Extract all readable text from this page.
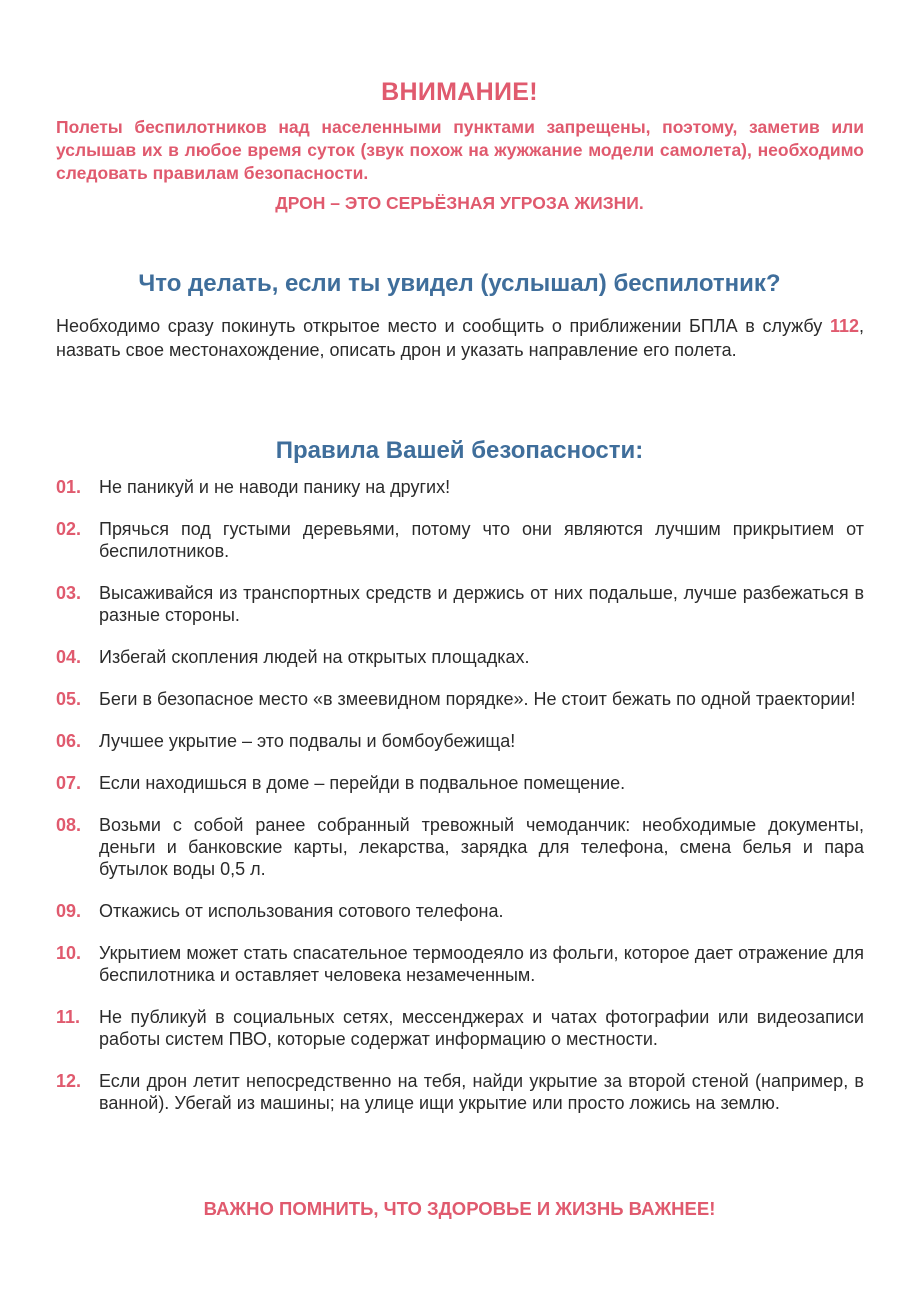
ВНИМАНИЕ!
Полеты беспилотников над населенными пунктами запрещены, поэтому, заметив или услышав их в любое время суток (звук похож на жужжание модели самолета), необходимо следовать правилам безопасности.
ДРОН – ЭТО СЕРЬЁЗНАЯ УГРОЗА ЖИЗНИ.
Что делать, если ты увидел (услышал) беспилотник?
Необходимо сразу покинуть открытое место и сообщить о приближении БПЛА в службу 112, назвать свое местонахождение, описать дрон и указать направление его полета.
Правила Вашей безопасности:
01. Не паникуй и не наводи панику на других!
02. Прячься под густыми деревьями, потому что они являются лучшим прикрытием от беспилотников.
03. Высаживайся из транспортных средств и держись от них подальше, лучше разбежаться в разные стороны.
04. Избегай скопления людей на открытых площадках.
05. Беги в безопасное место «в змеевидном порядке». Не стоит бежать по одной траектории!
06. Лучшее укрытие – это подвалы и бомбоубежища!
07. Если находишься в доме – перейди в подвальное помещение.
08. Возьми с собой ранее собранный тревожный чемоданчик: необходимые документы, деньги и банковские карты, лекарства, зарядка для телефона, смена белья и пара бутылок воды 0,5 л.
09. Откажись от использования сотового телефона.
10. Укрытием может стать спасательное термоодеяло из фольги, которое дает отражение для беспилотника и оставляет человека незамеченным.
11.	Не публикуй в социальных сетях, мессенджерах и чатах фотографии или видеозаписи работы систем ПВО, которые содержат информацию о местности.
12. Если дрон летит непосредственно на тебя, найди укрытие за второй стеной (например, в ванной). Убегай из машины; на улице ищи укрытие или просто ложись на землю.
ВАЖНО ПОМНИТЬ, ЧТО ЗДОРОВЬЕ И ЖИЗНЬ ВАЖНЕЕ!
